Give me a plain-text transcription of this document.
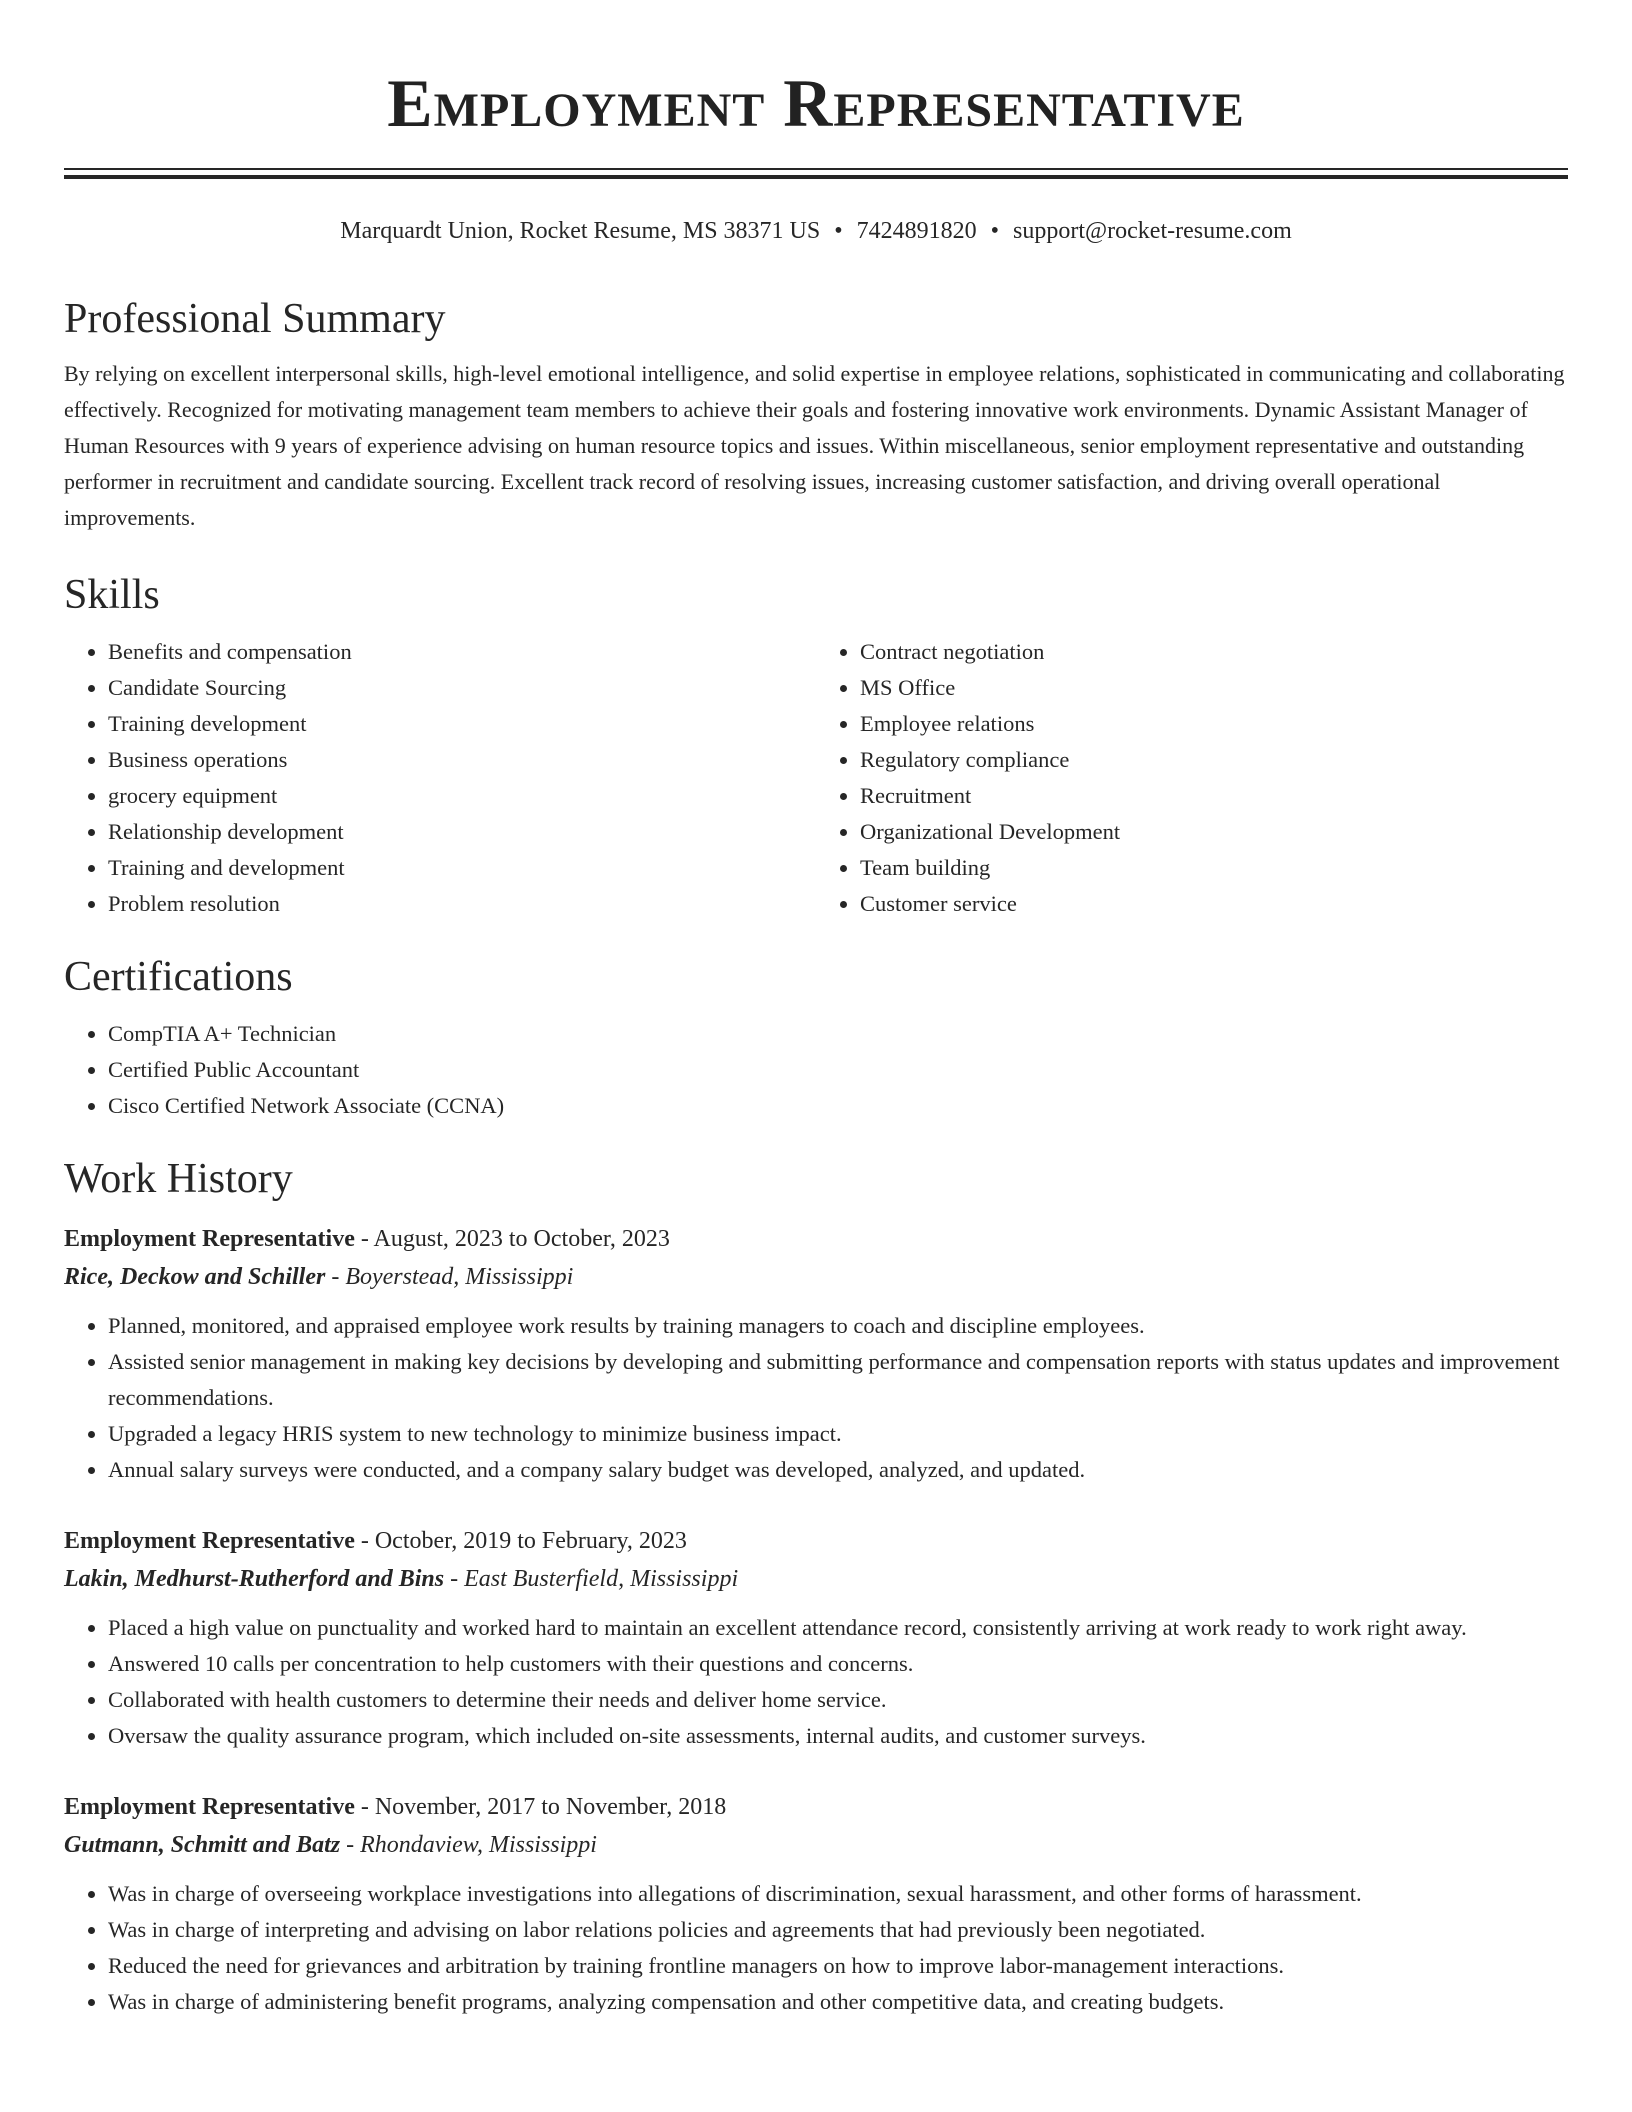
Employment Representative
Marquardt Union, Rocket Resume, MS 38371 US • 7424891820 • support@rocket-resume.com
Professional Summary

By relying on excellent interpersonal skills, high-level emotional intelligence, and solid expertise in employee relations, sophisticated in communicating and collaborating effectively. Recognized for motivating management team members to achieve their goals and fostering innovative work environments. Dynamic Assistant Manager of Human Resources with 9 years of experience advising on human resource topics and issues. Within miscellaneous, senior employment representative and outstanding performer in recruitment and candidate sourcing. Excellent track record of resolving issues, increasing customer satisfaction, and driving overall operational improvements.

Skills
• Benefits and compensation
• Candidate Sourcing
• Training development
• Business operations
• grocery equipment
• Relationship development
• Training and development
• Problem resolution
• Contract negotiation
• MS Office
• Employee relations
• Regulatory compliance
• Recruitment
• Organizational Development
• Team building
• Customer service
Certifications
• CompTIA A+ Technician
• Certified Public Accountant
• Cisco Certified Network Associate (CCNA)
Work History
Employment Representative - August, 2023 to October, 2023
Rice, Deckow and Schiller - Boyerstead, Mississippi
• Planned, monitored, and appraised employee work results by training managers to coach and discipline employees.
• Assisted senior management in making key decisions by developing and submitting performance and compensation reports with status updates and improvement recommendations.
• Upgraded a legacy HRIS system to new technology to minimize business impact.
• Annual salary surveys were conducted, and a company salary budget was developed, analyzed, and updated.
Employment Representative - October, 2019 to February, 2023
Lakin, Medhurst-Rutherford and Bins - East Busterfield, Mississippi
• Placed a high value on punctuality and worked hard to maintain an excellent attendance record, consistently arriving at work ready to work right away.
• Answered 10 calls per concentration to help customers with their questions and concerns.
• Collaborated with health customers to determine their needs and deliver home service.
• Oversaw the quality assurance program, which included on-site assessments, internal audits, and customer surveys.
Employment Representative - November, 2017 to November, 2018
Gutmann, Schmitt and Batz - Rhondaview, Mississippi
• Was in charge of overseeing workplace investigations into allegations of discrimination, sexual harassment, and other forms of harassment.
• Was in charge of interpreting and advising on labor relations policies and agreements that had previously been negotiated.
• Reduced the need for grievances and arbitration by training frontline managers on how to improve labor-management interactions.
• Was in charge of administering benefit programs, analyzing compensation and other competitive data, and creating budgets.
